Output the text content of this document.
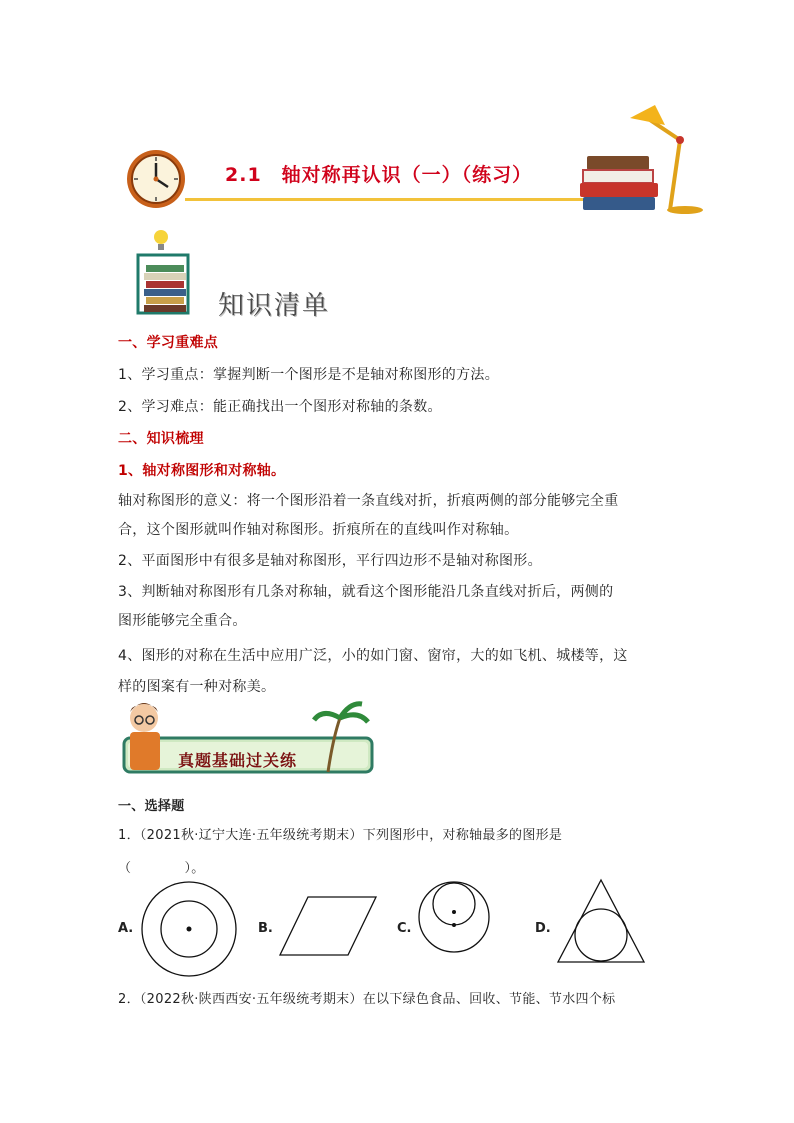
2.1　轴对称再认识（一）（练习）
知识清单
一、学习重难点
1、学习重点：掌握判断一个图形是不是轴对称图形的方法。
2、学习难点：能正确找出一个图形对称轴的条数。
二、知识梳理
1、轴对称图形和对称轴。
轴对称图形的意义：将一个图形沿着一条直线对折，折痕两侧的部分能够完全重
合，这个图形就叫作轴对称图形。折痕所在的直线叫作对称轴。
2、平面图形中有很多是轴对称图形，平行四边形不是轴对称图形。
3、判断轴对称图形有几条对称轴，就看这个图形能沿几条直线对折后，两侧的
图形能够完全重合。
4、图形的对称在生活中应用广泛，小的如门窗、窗帘，大的如飞机、城楼等，这
样的图案有一种对称美。
真题基础过关练
一、选择题
1．（2021秋·辽宁大连·五年级统考期末）下列图形中，对称轴最多的图形是
（　　　　）。
A.	B.	C.	D.
2．（2022秋·陕西西安·五年级统考期末）在以下绿色食品、回收、节能、节水四个标
